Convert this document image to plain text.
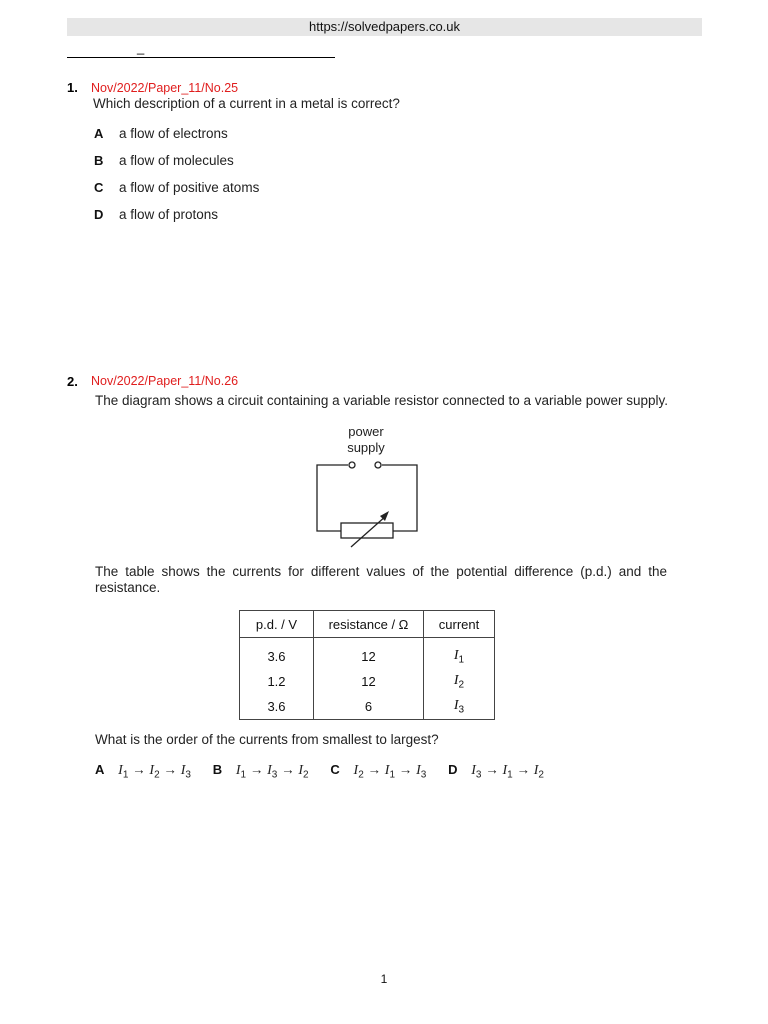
https://solvedpapers.co.uk
_
1. Nov/2022/Paper_11/No.25
Which description of a current in a metal is correct?
A a flow of electrons
B a flow of molecules
C a flow of positive atoms
D a flow of protons
2. Nov/2022/Paper_11/No.26
The diagram shows a circuit containing a variable resistor connected to a variable power supply.
power
supply
The table shows the currents for different values of the potential difference (p.d.) and the resistance.
p.d. / V	resistance / Ω	current
3.6	12	$I_1$
1.2	12	$I_2$
3.6	6	$I_3$
What is the order of the currents from smallest to largest?
A $I_1 \to I_2 \to I_3$ B $I_1 \to I_3 \to I_2$ C $I_2 \to I_1 \to I_3$ D $I_3 \to I_1 \to I_2$
1
